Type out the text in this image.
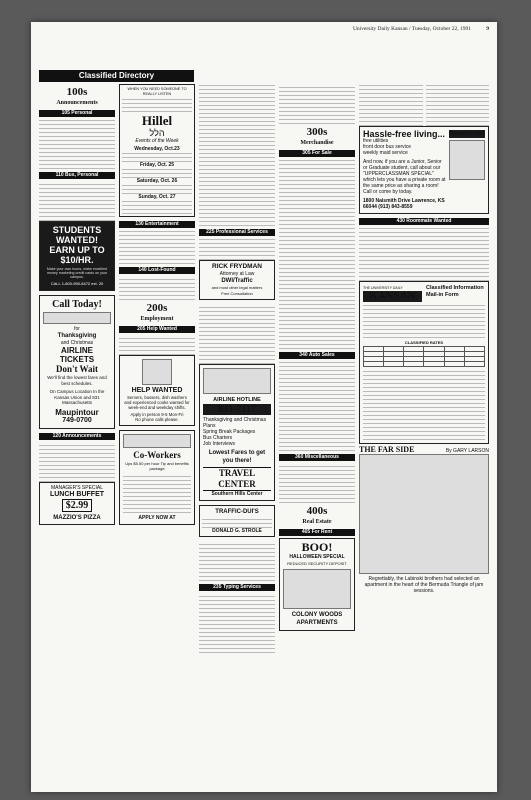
University Daily Kansan / Tuesday, October 22, 1991	9
Classified Directory
100s
Announcements
105 Personal
110 Bus, Personal
STUDENTS WANTED! EARN UP TO $10/HR.
Make your own hours, make excellent money marketing credit cards on your campus.
CALL 1-800-950-8472 ext. 20
Call Today!
for
Thanksgiving
and Christmas
AIRLINE TICKETS
Don't Wait
We'll find the lowest fares and best schedules.
On Campus Location In the Kansas Union and 831 Massachusetts
Maupintour
749-0700
120 Announcements
MANAGER'S SPECIAL
LUNCH BUFFET
$2.99
MAZZIO'S PIZZA
WHEN YOU NEED SOMEONE TO REALLY LISTEN
Hillel
הלל
Events of the Week
Wednesday, Oct.23
Friday, Oct. 25
Saturday, Oct. 26
Sunday, Oct. 27
130 Entertainment
140 Lost-Found
200s
Employment
205 Help Wanted
HELP WANTED
Servers, bussers, dish washers and experienced cooks wanted for week-end and weekday shifts.
Apply in person 9-5 Mon-Fri
No phone calls please.
Co-Workers
Ups $5.50 per hour Tip and benefits package
APPLY NOW AT
225 Professional Services
RICK FRYDMAN
Attorney at Law
DWI/Traffic
and most other legal matters
Free Consultation
AIRLINE HOTLINE
841-7117
Thanksgiving and Christmas Plans
Spring Break Packages
Bus Charters
Job Interviews
Lowest Fares to get you there!
TRAVEL CENTER
Southern Hills Center
TRAFFIC-DUI'S
DONALD G. STROLE
235 Typing Services
300s
Merchandise
305 For Sale
340 Auto Sales
360 Miscellaneous
400s
Real Estate
405 For Rent
BOO!
HALLOWEEN SPECIAL
REDUCED SECURITY DEPOSIT
COLONY WOODS APARTMENTS
Hassle-free living...
free utilities
front door bus service
weekly maid service
And now, if you are a Junior, Senior or Graduate student, call about our "UPPERCLASSMAN SPECIAL" which lets you have a private room at the same price as sharing a room! Call or come by today.
1800 Naismith Drive Lawrence, KS 66044 (913) 843-8559
Naismith Hall
430 Roommate Wanted
THE UNIVERSITY DAILY
KANSAN
Classified Information Mail-in Form
CLASSIFIED RATES

THE FAR SIDE	By GARY LARSON
Regrettably, the Labinski brothers had selected an apartment in the heart of the Bermuda Triangle of jam sessions.
